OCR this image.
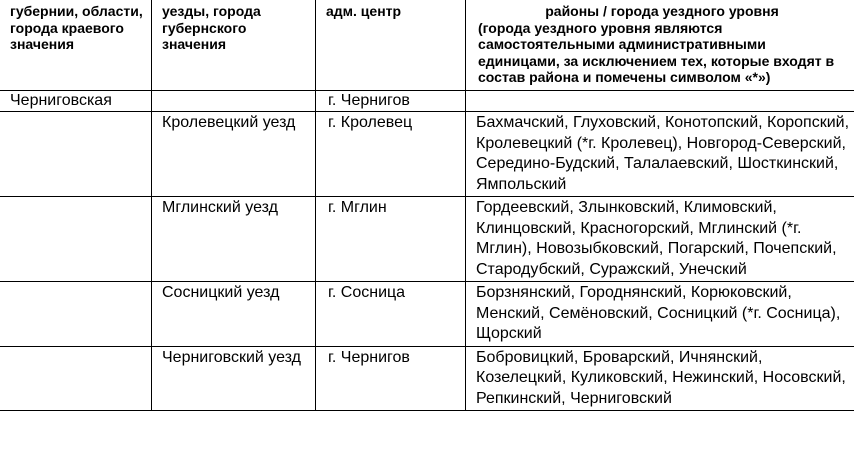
губернии, области, города краевого значения	уезды, города губернского значения	адм. центр	районы / города уездного уровня
(города уездного уровня являются самостоятельными административными единицами, за исключением тех, которые входят в состав района и помечены символом «*»)
Черниговская		г. Чернигов	
	Кролевецкий уезд	г. Кролевец	Бахмачский, Глуховский, Конотопский, Коропский, Кролевецкий (*г. Кролевец), Новгород-Северский, Середино-Будский, Талалаевский, Шосткинский, Ямпольский
	Мглинский уезд	г. Мглин	Гордеевский, Злынковский, Климовский, Клинцовский, Красногорский, Мглинский (*г. Мглин), Новозыбковский, Погарский, Почепский, Стародубский, Суражский, Унечский
	Сосницкий уезд	г. Сосница	Борзнянский, Городнянский, Корюковский, Менский, Семёновский, Сосницкий (*г. Сосница), Щорский
	Черниговский уезд	г. Чернигов	Бобровицкий, Броварский, Ичнянский, Козелецкий, Куликовский, Нежинский, Носовский, Репкинский, Черниговский
